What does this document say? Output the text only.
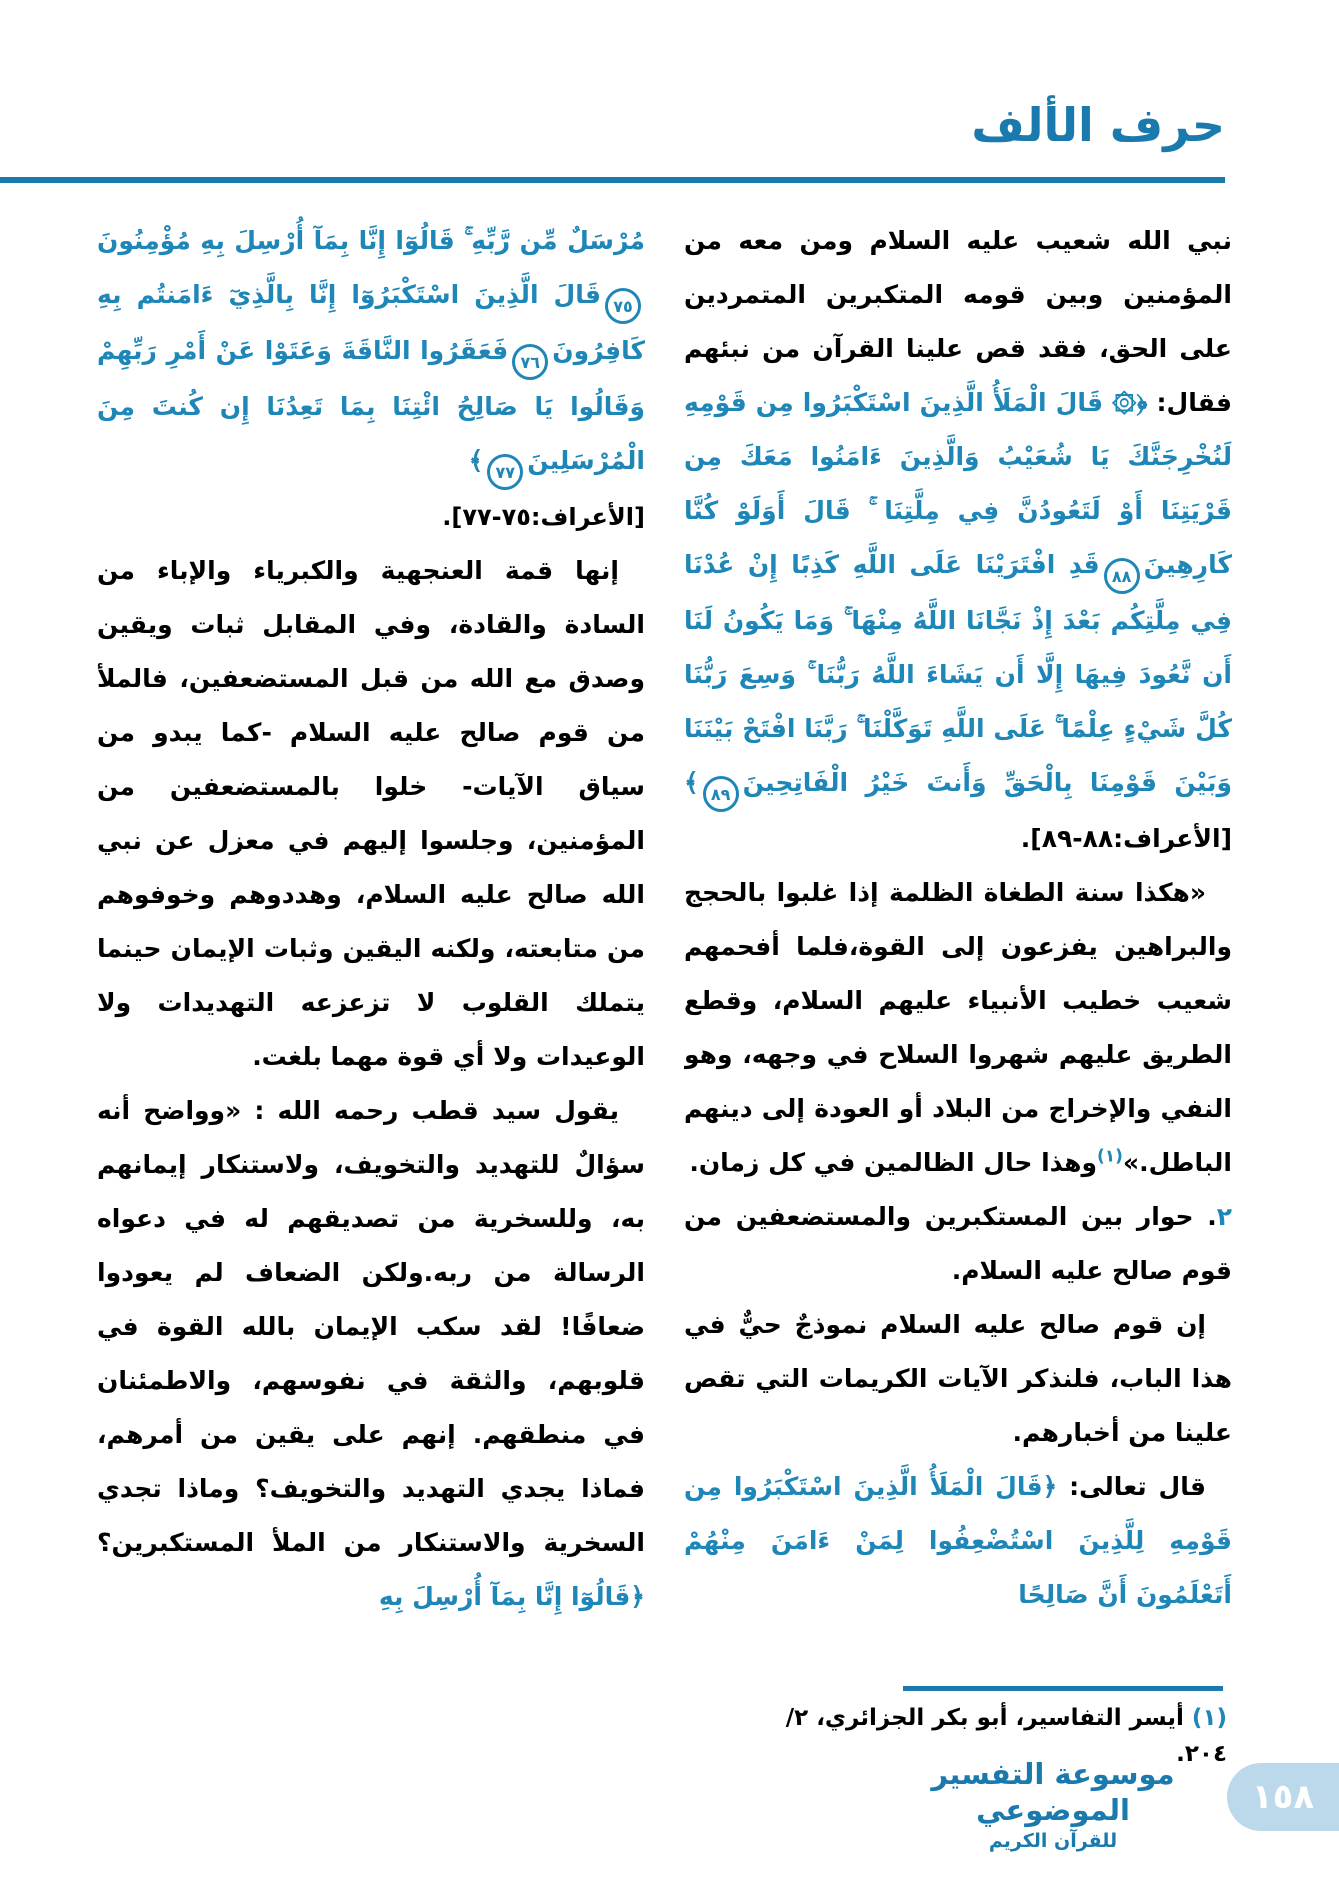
حرف الألف

نبي الله شعيب عليه السلام ومن معه من المؤمنين وبين قومه المتكبرين المتمردين على الحق، فقد قص علينا القرآن من نبئهم فقال: ﴿۞ قَالَ الْمَلَأُ الَّذِينَ اسْتَكْبَرُوا مِن قَوْمِهِ لَنُخْرِجَنَّكَ يَا شُعَيْبُ وَالَّذِينَ ءَامَنُوا مَعَكَ مِن قَرْيَتِنَا أَوْ لَتَعُودُنَّ فِي مِلَّتِنَا ۚ قَالَ أَوَلَوْ كُنَّا كَارِهِينَ٨٨قَدِ افْتَرَيْنَا عَلَى اللَّهِ كَذِبًا إِنْ عُدْنَا فِي مِلَّتِكُم بَعْدَ إِذْ نَجَّانَا اللَّهُ مِنْهَا ۚ وَمَا يَكُونُ لَنَا أَن نَّعُودَ فِيهَا إِلَّا أَن يَشَاءَ اللَّهُ رَبُّنَا ۚ وَسِعَ رَبُّنَا كُلَّ شَيْءٍ عِلْمًا ۚ عَلَى اللَّهِ تَوَكَّلْنَا ۚ رَبَّنَا افْتَحْ بَيْنَنَا وَبَيْنَ قَوْمِنَا بِالْحَقِّ وَأَنتَ خَيْرُ الْفَاتِحِينَ٨٩﴾ [الأعراف:٨٨-٨٩].

«هكذا سنة الطغاة الظلمة إذا غلبوا بالحجج والبراهين يفزعون إلى القوة،فلما أفحمهم شعيب خطيب الأنبياء عليهم السلام، وقطع الطريق عليهم شهروا السلاح في وجهه، وهو النفي والإخراج من البلاد أو العودة إلى دينهم الباطل.»$^{(١)}$وهذا حال الظالمين في كل زمان.

٢. حوار بين المستكبرين والمستضعفين من قوم صالح عليه السلام.

إن قوم صالح عليه السلام نموذجٌ حيٌّ في هذا الباب، فلنذكر الآيات الكريمات التي تقص علينا من أخبارهم.

قال تعالى: ﴿قَالَ الْمَلَأُ الَّذِينَ اسْتَكْبَرُوا مِن قَوْمِهِ لِلَّذِينَ اسْتُضْعِفُوا لِمَنْ ءَامَنَ مِنْهُمْ أَتَعْلَمُونَ أَنَّ صَالِحًا

مُرْسَلٌ مِّن رَّبِّهِ ۚ قَالُوٓا إِنَّا بِمَآ أُرْسِلَ بِهِ مُؤْمِنُونَ٧٥قَالَ الَّذِينَ اسْتَكْبَرُوٓا إِنَّا بِالَّذِيٓ ءَامَنتُم بِهِ كَافِرُونَ٧٦فَعَقَرُوا النَّاقَةَ وَعَتَوْا عَنْ أَمْرِ رَبِّهِمْ وَقَالُوا يَا صَالِحُ ائْتِنَا بِمَا تَعِدُنَا إِن كُنتَ مِنَ الْمُرْسَلِينَ٧٧﴾

[الأعراف:٧٥-٧٧].

إنها قمة العنجهية والكبرياء والإباء من السادة والقادة، وفي المقابل ثبات ويقين وصدق مع الله من قبل المستضعفين، فالملأ من قوم صالح عليه السلام -كما يبدو من سياق الآيات- خلوا بالمستضعفين من المؤمنين، وجلسوا إليهم في معزل عن نبي الله صالح عليه السلام، وهددوهم وخوفوهم من متابعته، ولكنه اليقين وثبات الإيمان حينما يتملك القلوب لا تزعزعه التهديدات ولا الوعيدات ولا أي قوة مهما بلغت.

يقول سيد قطب رحمه الله : «وواضح أنه سؤالٌ للتهديد والتخويف، ولاستنكار إيمانهم به، وللسخرية من تصديقهم له في دعواه الرسالة من ربه.ولكن الضعاف لم يعودوا ضعافًا! لقد سكب الإيمان بالله القوة في قلوبهم، والثقة في نفوسهم، والاطمئنان في منطقهم. إنهم على يقين من أمرهم، فماذا يجدي التهديد والتخويف؟ وماذا تجدي السخرية والاستنكار من الملأ المستكبرين؟ ﴿قَالُوٓا إِنَّا بِمَآ أُرْسِلَ بِهِ

(١) أيسر التفاسير، أبو بكر الجزائري، ٢/ ٢٠٤.
موسوعة التفسير الموضوعي
للقرآن الكريم
١٥٨
